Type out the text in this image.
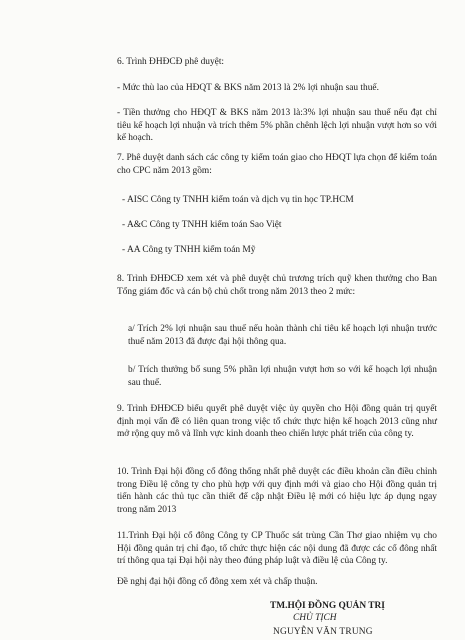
6. Trình ĐHĐCĐ phê duyệt:
- Mức thù lao của HĐQT & BKS năm 2013 là 2% lợi nhuận sau thuế.
- Tiền thưởng cho HĐQT & BKS năm 2013 là:3% lợi nhuận sau thuế nếu đạt chỉ tiêu kế hoạch lợi nhuận và trích thêm 5% phần chênh lệch lợi nhuận vượt hơn so với kế hoạch.
7. Phê duyệt danh sách các công ty kiểm toán giao cho HĐQT lựa chọn để kiểm toán cho CPC năm 2013 gồm:
- AISC Công ty TNHH kiểm toán và dịch vụ tin học TP.HCM
- A&C Công ty TNHH kiểm toán Sao Việt
- AA Công ty TNHH kiểm toán Mỹ
8. Trình ĐHĐCĐ xem xét và phê duyệt chủ trương trích quỹ khen thưởng cho Ban Tổng giám đốc và cán bộ chủ chốt trong năm 2013 theo 2 mức:
a/ Trích 2% lợi nhuận sau thuế nếu hoàn thành chỉ tiêu kế hoạch lợi nhuận trước thuế năm 2013 đã được đại hội thông qua.
b/ Trích thưởng bổ sung 5% phần lợi nhuận vượt hơn so với kế hoạch lợi nhuận sau thuế.
9. Trình ĐHĐCĐ biểu quyết phê duyệt việc ủy quyền cho Hội đồng quản trị quyết định mọi vấn đề có liên quan trong việc tổ chức thực hiện kế hoạch 2013 cũng như mở rộng quy mô và lĩnh vực kinh doanh theo chiến lược phát triển của công ty.
10. Trình Đại hội đồng cổ đông thống nhất phê duyệt các điều khoản cần điều chỉnh trong Điều lệ công ty cho phù hợp với quy định mới và giao cho Hội đồng quản trị tiến hành các thủ tục cần thiết để cập nhật Điều lệ mới có hiệu lực áp dụng ngay trong năm 2013
11.Trình Đại hội cổ đông Công ty CP Thuốc sát trùng Cần Thơ giao nhiệm vụ cho Hội đồng quản trị chỉ đạo, tổ chức thực hiện các nội dung đã được các cổ đông nhất trí thông qua tại Đại hội này theo đúng pháp luật và điều lệ của Công ty.
Đề nghị đại hội đồng cổ đông xem xét và chấp thuận.
TM.HỘI ĐỒNG QUẢN TRỊ
CHỦ TỊCH
NGUYỄN VĂN TRUNG
